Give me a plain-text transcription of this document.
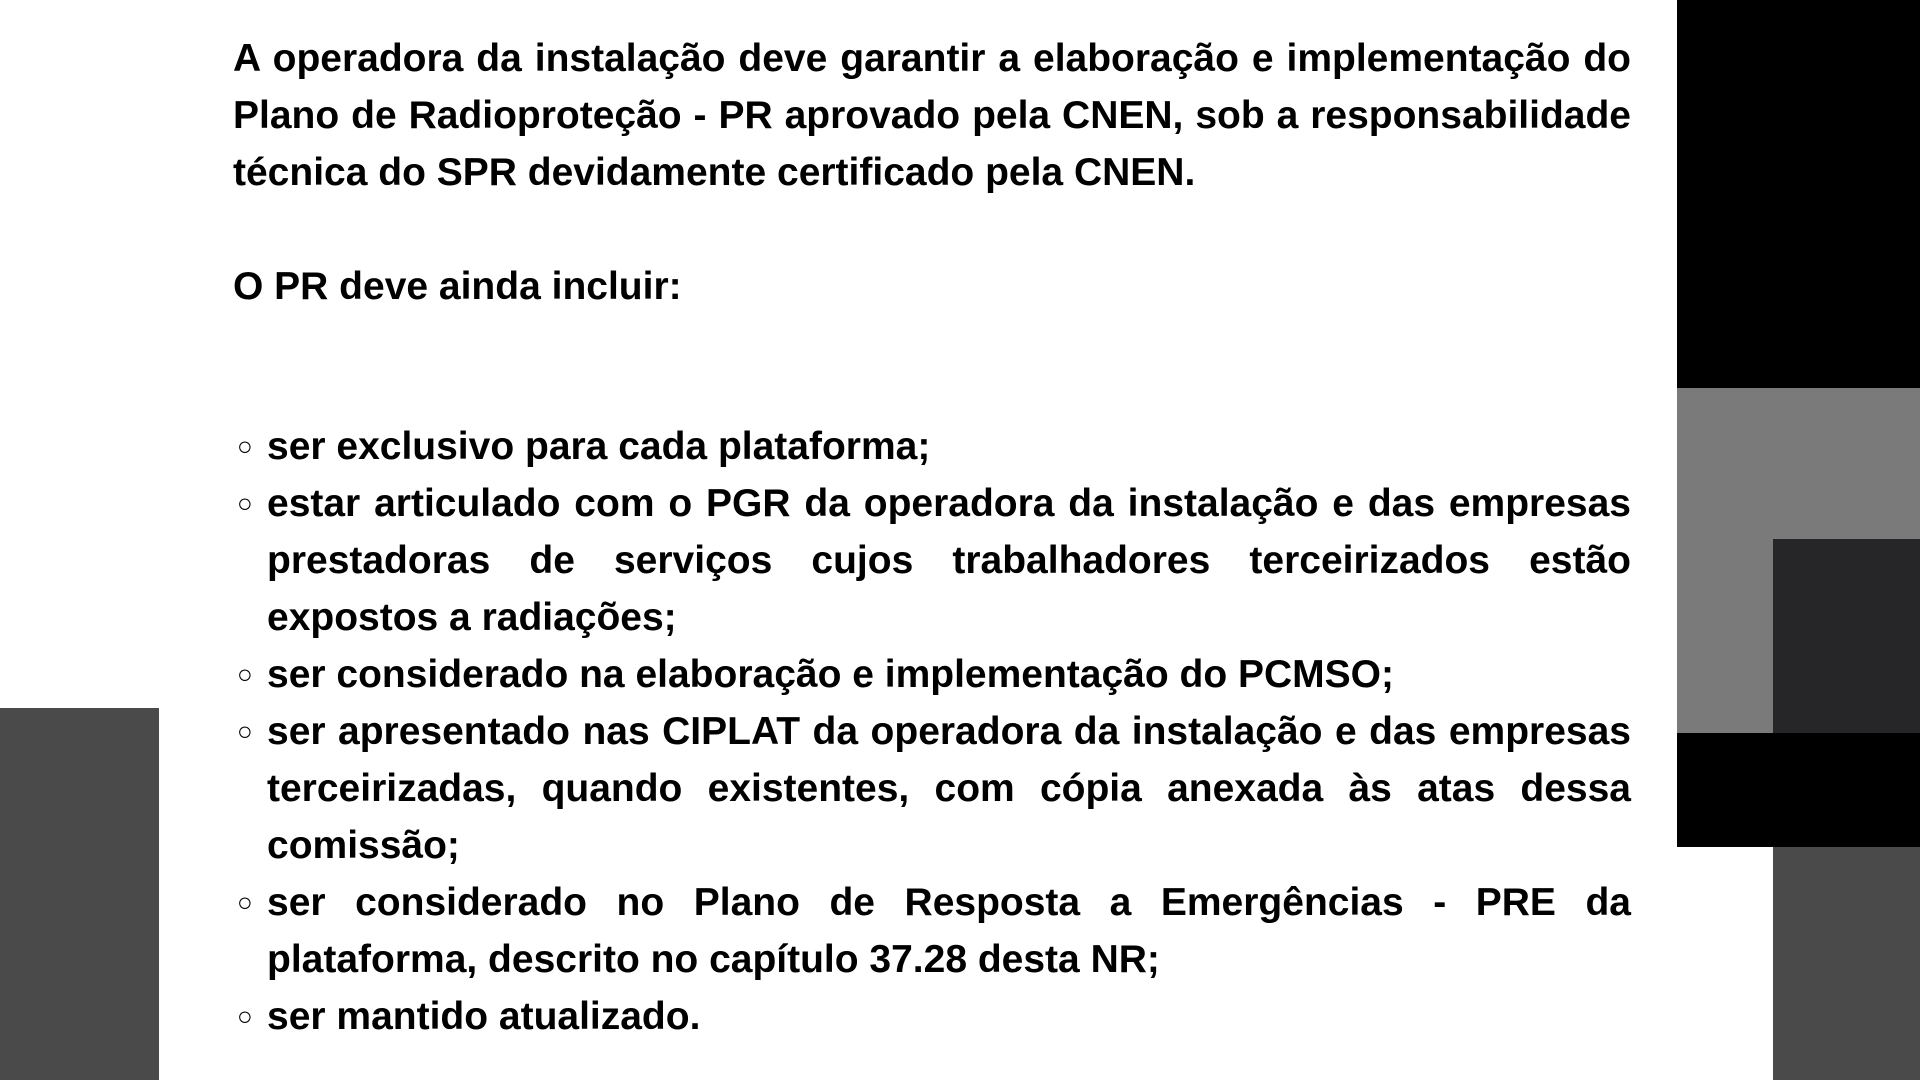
A operadora da instalação deve garantir a elaboração e implementação do Plano de Radioproteção - PR aprovado pela CNEN, sob a responsabilidade técnica do SPR devidamente certificado pela CNEN.

O PR deve ainda incluir:

○ ser exclusivo para cada plataforma;
○ estar articulado com o PGR da operadora da instalação e das empresas prestadoras de serviços cujos trabalhadores terceirizados estão expostos a radiações;
○ ser considerado na elaboração e implementação do PCMSO;
○ ser apresentado nas CIPLAT da operadora da instalação e das empresas terceirizadas, quando existentes, com cópia anexada às atas dessa comissão;
○ ser considerado no Plano de Resposta a Emergências - PRE da plataforma, descrito no capítulo 37.28 desta NR;
○ ser mantido atualizado.
